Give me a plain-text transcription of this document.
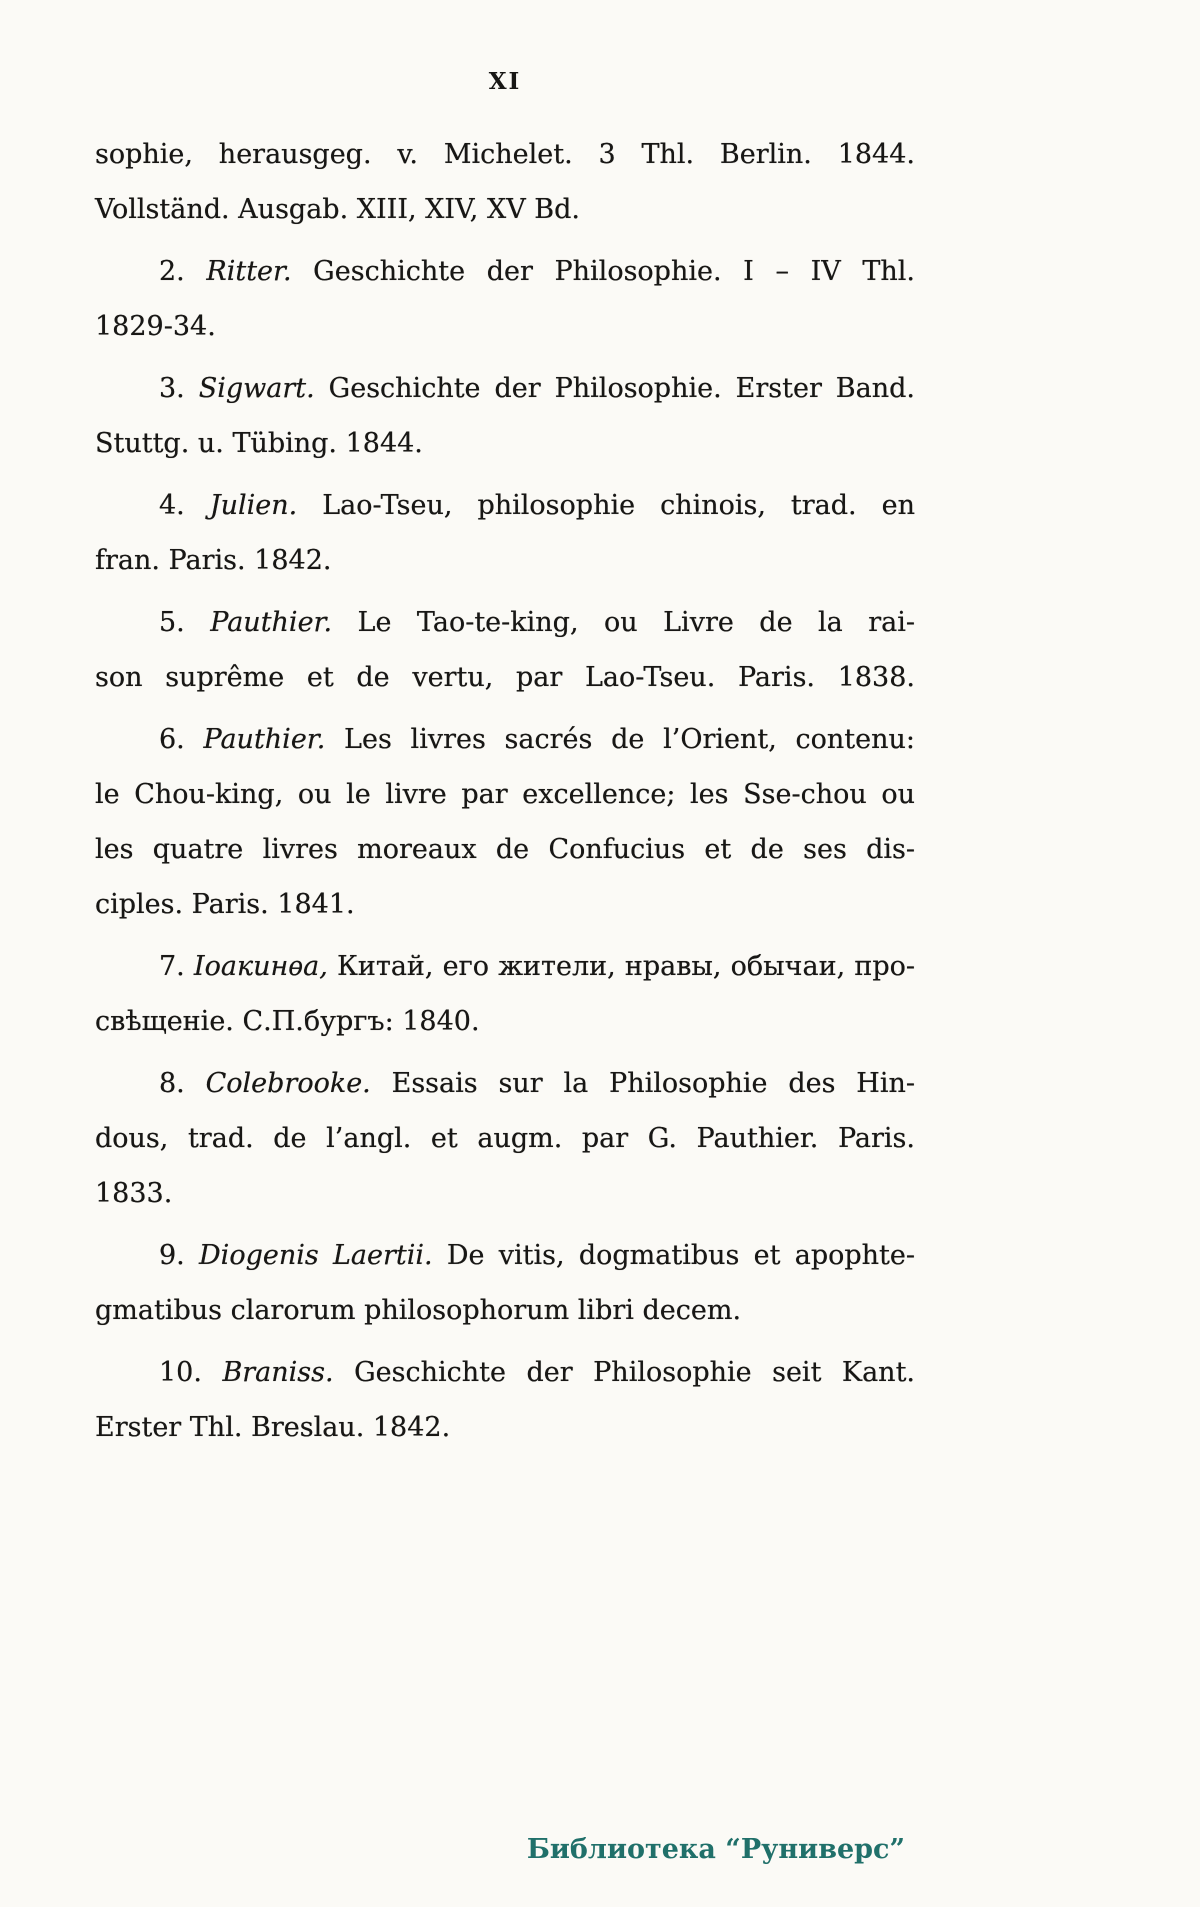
XI
sophie, herausgeg. v. Michelet. 3 Thl. Berlin. 1844.
Vollständ. Ausgab. XIII, XIV, XV Bd.
2. Ritter. Geschichte der Philosophie. I – IV Thl.
1829-34.
3. Sigwart. Geschichte der Philosophie. Erster Band.
Stuttg. u. Tübing. 1844.
4. Julien. Lao-Tseu, philosophie chinois, trad. en
fran. Paris. 1842.
5. Pauthier. Le Tao-te-king, ou Livre de la rai-
son suprême et de vertu, par Lao-Tseu. Paris. 1838.
6. Pauthier. Les livres sacrés de l’Orient, contenu:
le Chou-king, ou le livre par excellence; les Sse-chou ou
les quatre livres moreaux de Confucius et de ses dis-
ciples. Paris. 1841.
7. Іоакинѳа, Китай, его жители, нравы, обычаи, про-
свѣщеніе. С.П.бургъ: 1840.
8. Colebrooke. Essais sur la Philosophie des Hin-
dous, trad. de l’angl. et augm. par G. Pauthier. Paris.
1833.
9. Diogenis Laertii. De vitis, dogmatibus et apophte-
gmatibus clarorum philosophorum libri decem.
10. Braniss. Geschichte der Philosophie seit Kant.
Erster Thl. Breslau. 1842.
Библиотека “Руниверс”
